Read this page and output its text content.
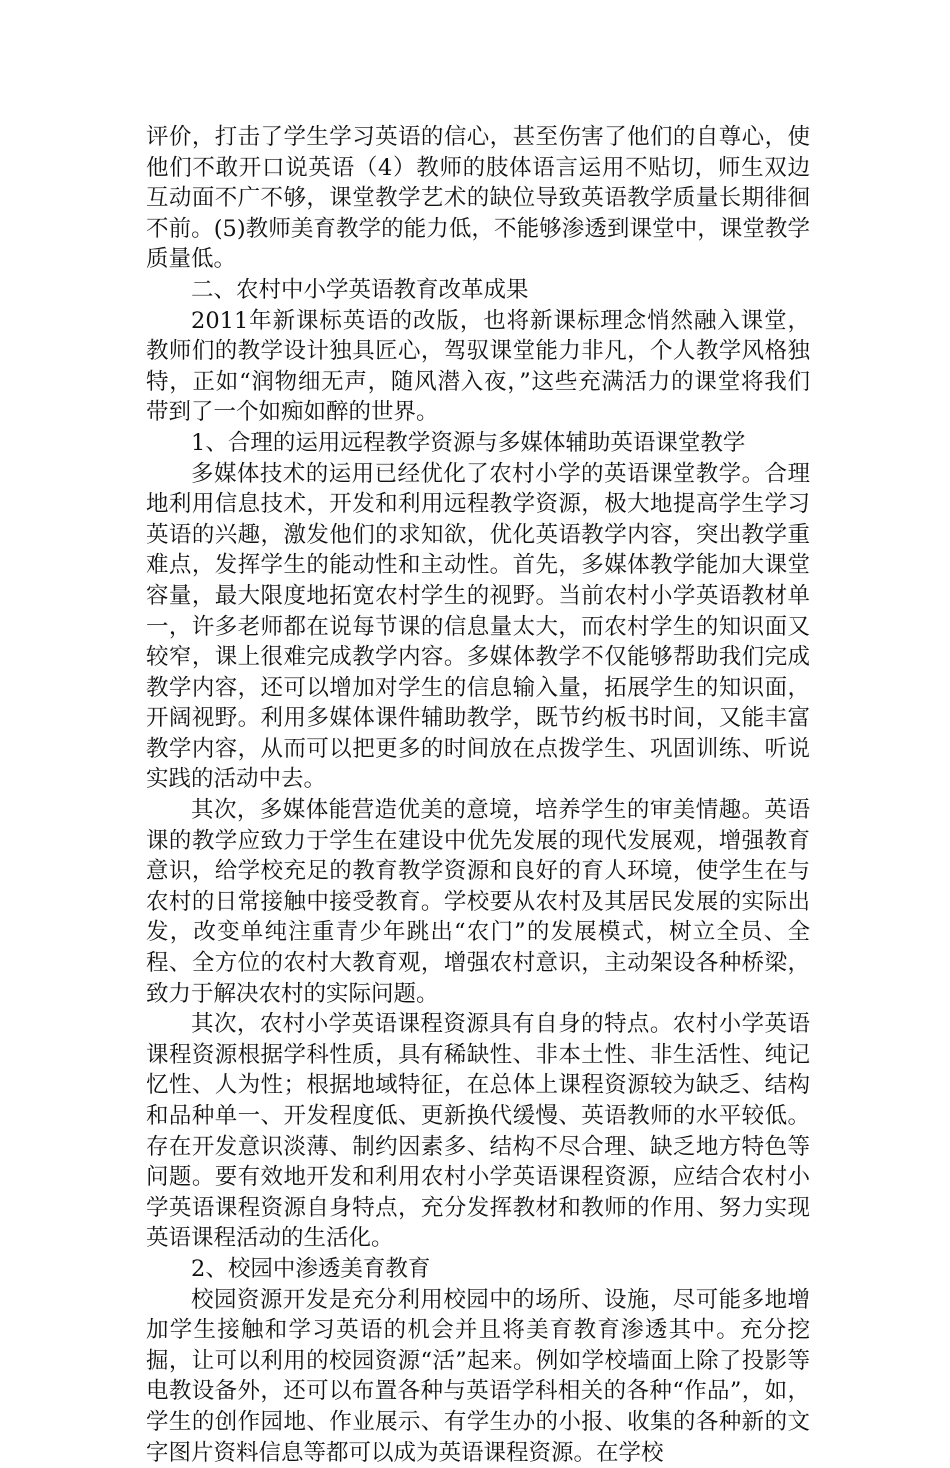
评价，打击了学生学习英语的信心，甚至伤害了他们的自尊心，使他们不敢开口说英语（4）教师的肢体语言运用不贴切，师生双边互动面不广不够，课堂教学艺术的缺位导致英语教学质量长期徘徊不前。(5)教师美育教学的能力低，不能够渗透到课堂中，课堂教学质量低。

二、农村中小学英语教育改革成果

2011年新课标英语的改版，也将新课标理念悄然融入课堂，教师们的教学设计独具匠心，驾驭课堂能力非凡，个人教学风格独特，正如“润物细无声，随风潜入夜，”这些充满活力的课堂将我们带到了一个如痴如醉的世界。

1、合理的运用远程教学资源与多媒体辅助英语课堂教学

多媒体技术的运用已经优化了农村小学的英语课堂教学。合理地利用信息技术，开发和利用远程教学资源，极大地提高学生学习英语的兴趣，激发他们的求知欲，优化英语教学内容，突出教学重难点，发挥学生的能动性和主动性。首先，多媒体教学能加大课堂容量，最大限度地拓宽农村学生的视野。当前农村小学英语教材单一，许多老师都在说每节课的信息量太大，而农村学生的知识面又较窄，课上很难完成教学内容。多媒体教学不仅能够帮助我们完成教学内容，还可以增加对学生的信息输入量，拓展学生的知识面，开阔视野。利用多媒体课件辅助教学，既节约板书时间，又能丰富教学内容，从而可以把更多的时间放在点拨学生、巩固训练、听说实践的活动中去。

其次，多媒体能营造优美的意境，培养学生的审美情趣。英语课的教学应致力于学生在建设中优先发展的现代发展观，增强教育意识，给学校充足的教育教学资源和良好的育人环境，使学生在与农村的日常接触中接受教育。学校要从农村及其居民发展的实际出发，改变单纯注重青少年跳出“农门”的发展模式，树立全员、全程、全方位的农村大教育观，增强农村意识，主动架设各种桥梁，致力于解决农村的实际问题。

其次，农村小学英语课程资源具有自身的特点。农村小学英语课程资源根据学科性质，具有稀缺性、非本土性、非生活性、纯记忆性、人为性；根据地域特征，在总体上课程资源较为缺乏、结构和品种单一、开发程度低、更新换代缓慢、英语教师的水平较低。存在开发意识淡薄、制约因素多、结构不尽合理、缺乏地方特色等问题。要有效地开发和利用农村小学英语课程资源，应结合农村小学英语课程资源自身特点，充分发挥教材和教师的作用、努力实现英语课程活动的生活化。

2、校园中渗透美育教育

校园资源开发是充分利用校园中的场所、设施，尽可能多地增加学生接触和学习英语的机会并且将美育教育渗透其中。充分挖掘，让可以利用的校园资源“活”起来。例如学校墙面上除了投影等电教设备外，还可以布置各种与英语学科相关的各种“作品”，如，学生的创作园地、作业展示、有学生办的小报、收集的各种新的文字图片资料信息等都可以成为英语课程资源。在学校
